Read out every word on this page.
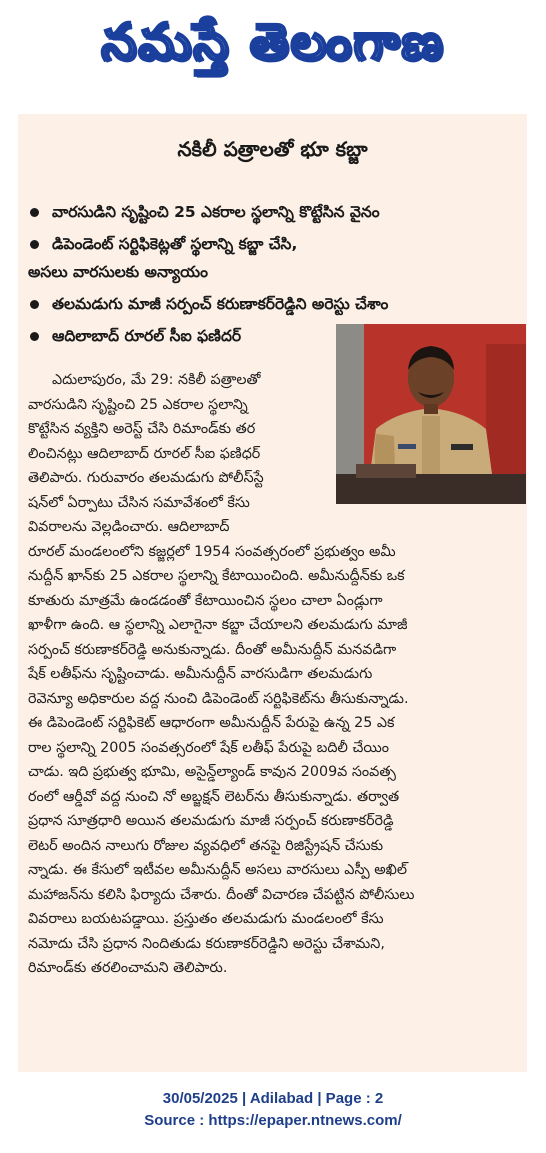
నమస్తే తెలంగాణ
నకిలీ పత్రాలతో భూ కబ్జా
వారసుడిని సృష్టించి 25 ఎకరాల స్థలాన్ని కొట్టేసిన వైనం
డిపెండెంట్ సర్టిఫికెట్లతో స్థలాన్ని కబ్జా చేసి,
అసలు వారసులకు అన్యాయం
తలమడుగు మాజీ సర్పంచ్ కరుణాకర్‌రెడ్డిని అరెస్టు చేశాం
ఆదిలాబాద్ రూరల్ సీఐ ఫణిదర్
ఎదులాపురం, మే 29: నకిలీ పత్రాలతో
వారసుడిని సృష్టించి 25 ఎకరాల స్థలాన్ని
కొట్టేసిన వ్యక్తిని అరెస్ట్ చేసి రిమాండ్‌కు తర
లించినట్లు ఆదిలాబాద్ రూరల్ సీఐ ఫణిధర్
తెలిపారు. గురువారం తలమడుగు పోలీస్‌స్టే
షన్‌లో ఏర్పాటు చేసిన సమావేశంలో కేసు
వివరాలను వెల్లడించారు. ఆదిలాబాద్
రూరల్ మండలంలోని కజ్జర్లలో 1954 సంవత్సరంలో ప్రభుత్వం అమీ
నుద్దీన్ ఖాన్‌కు 25 ఎకరాల స్థలాన్ని కేటాయించింది. అమీనుద్దీన్‌కు ఒక
కూతురు మాత్రమే ఉండడంతో కేటాయించిన స్థలం చాలా ఏండ్లుగా
ఖాళీగా ఉంది. ఆ స్థలాన్ని ఎలాగైనా కబ్జా చేయాలని తలమడుగు మాజీ
సర్పంచ్ కరుణాకర్‌రెడ్డి అనుకున్నాడు. దీంతో అమీనుద్దీన్ మనవడిగా
షేక్ లతీఫ్‌ను సృష్టించాడు. అమీనుద్దీన్ వారసుడిగా తలమడుగు
రెవెన్యూ అధికారుల వద్ద నుంచి డిపెండెంట్ సర్టిఫికెట్‌ను తీసుకున్నాడు.
ఈ డిపెండెంట్ సర్టిఫికెట్ ఆధారంగా అమీనుద్దీన్ పేరుపై ఉన్న 25 ఎక
రాల స్థలాన్ని 2005 సంవత్సరంలో షేక్ లతీఫ్ పేరుపై బదిలీ చేయిం
చాడు. ఇది ప్రభుత్వ భూమి, అసైన్డ్‌ల్యాండ్ కావున 2009వ సంవత్స
రంలో ఆర్డీవో వద్ద నుంచి నో అబ్జక్షన్ లెటర్‌ను తీసుకున్నాడు. తర్వాత
ప్రధాన సూత్రధారి అయిన తలమడుగు మాజీ సర్పంచ్ కరుణాకర్‌రెడ్డి
లెటర్ అందిన నాలుగు రోజుల వ్యవధిలో తనపై రిజిస్ట్రేషన్ చేసుకు
న్నాడు. ఈ కేసులో ఇటీవల అమీనుద్దీన్ అసలు వారసులు ఎస్పీ అఖిల్
మహాజన్‌ను కలిసి ఫిర్యాదు చేశారు. దీంతో విచారణ చేపట్టిన పోలీసులు
వివరాలు బయటపడ్డాయి. ప్రస్తుతం తలమడుగు మండలంలో కేసు
నమోదు చేసి ప్రధాన నిందితుడు కరుణాకర్‌రెడ్డిని అరెస్టు చేశామని,
రిమాండ్‌కు తరలించామని తెలిపారు.
30/05/2025 | Adilabad | Page : 2
Source : https://epaper.ntnews.com/
